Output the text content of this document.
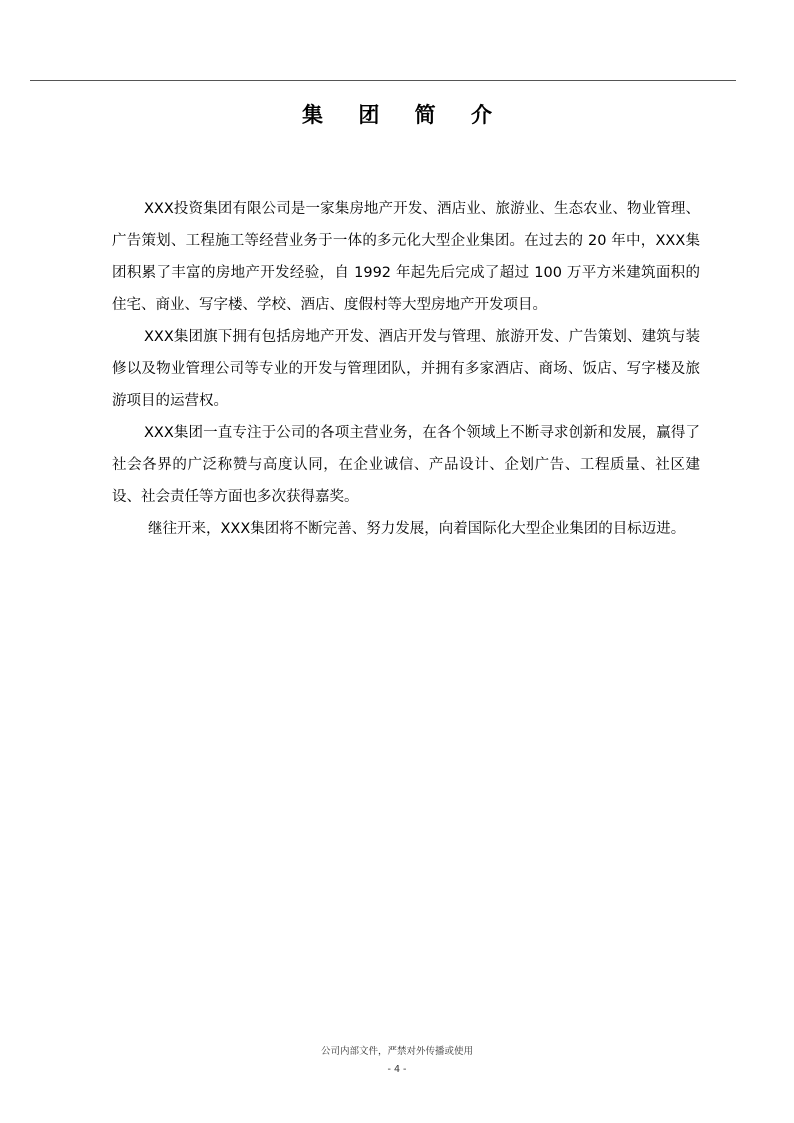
集 团 简 介

XXX投资集团有限公司是一家集房地产开发、酒店业、旅游业、生态农业、物业管理、广告策划、工程施工等经营业务于一体的多元化大型企业集团。在过去的 20 年中，XXX集团积累了丰富的房地产开发经验，自 1992 年起先后完成了超过 100 万平方米建筑面积的住宅、商业、写字楼、学校、酒店、度假村等大型房地产开发项目。

XXX集团旗下拥有包括房地产开发、酒店开发与管理、旅游开发、广告策划、建筑与装修以及物业管理公司等专业的开发与管理团队，并拥有多家酒店、商场、饭店、写字楼及旅游项目的运营权。

XXX集团一直专注于公司的各项主营业务，在各个领域上不断寻求创新和发展，赢得了社会各界的广泛称赞与高度认同，在企业诚信、产品设计、企划广告、工程质量、社区建设、社会责任等方面也多次获得嘉奖。

继往开来，XXX集团将不断完善、努力发展，向着国际化大型企业集团的目标迈进。

公司内部文件，严禁对外传播或使用
- 4 -
